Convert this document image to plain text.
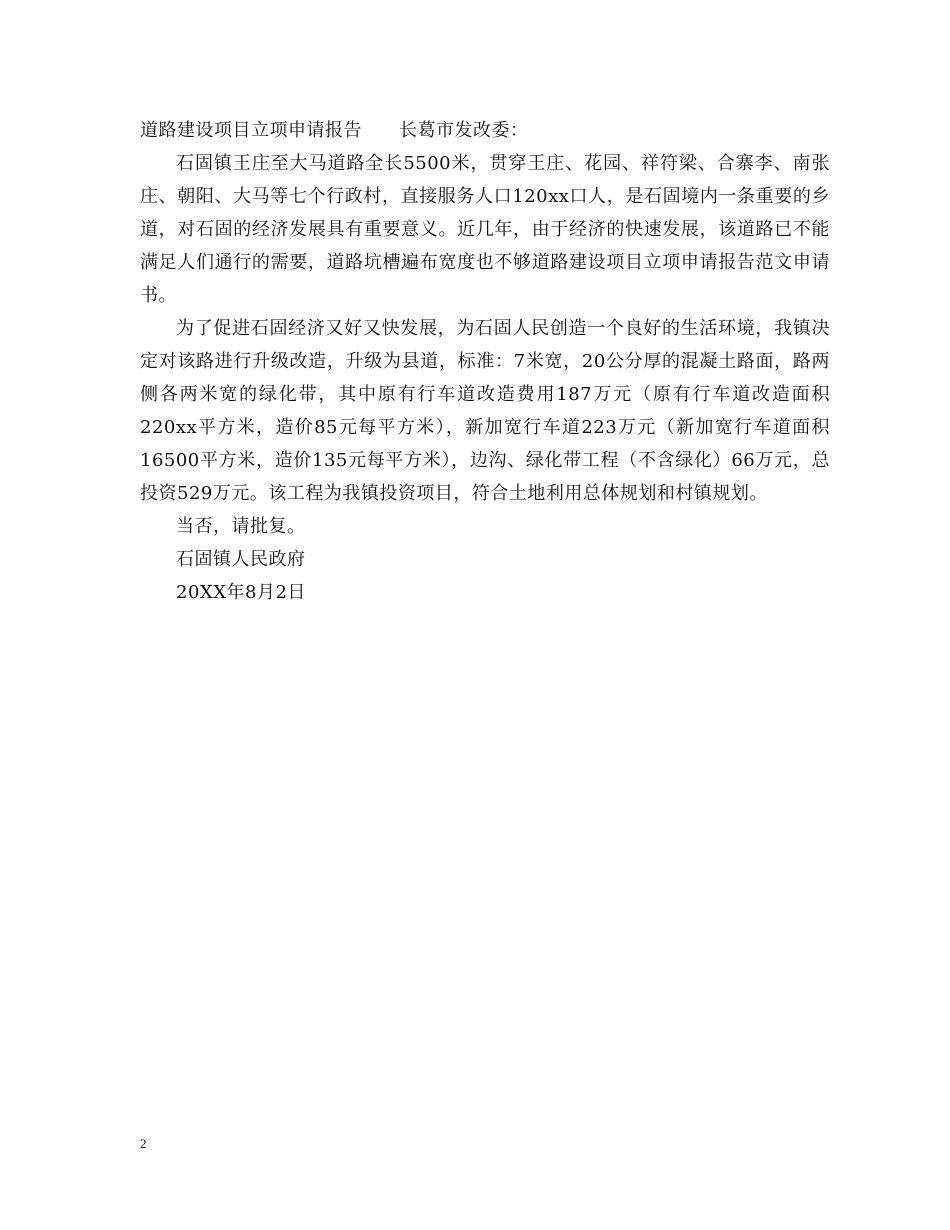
道路建设项目立项申请报告　　长葛市发改委：

石固镇王庄至大马道路全长5500米，贯穿王庄、花园、祥符梁、合寨李、南张庄、朝阳、大马等七个行政村，直接服务人口120xx口人，是石固境内一条重要的乡道，对石固的经济发展具有重要意义。近几年，由于经济的快速发展，该道路已不能满足人们通行的需要，道路坑槽遍布宽度也不够道路建设项目立项申请报告范文申请书。

为了促进石固经济又好又快发展，为石固人民创造一个良好的生活环境，我镇决定对该路进行升级改造，升级为县道，标准：7米宽，20公分厚的混凝土路面，路两侧各两米宽的绿化带，其中原有行车道改造费用187万元（原有行车道改造面积220xx平方米，造价85元每平方米），新加宽行车道223万元（新加宽行车道面积16500平方米，造价135元每平方米），边沟、绿化带工程（不含绿化）66万元，总投资529万元。该工程为我镇投资项目，符合土地利用总体规划和村镇规划。

当否，请批复。

石固镇人民政府

20XX年8月2日

2
